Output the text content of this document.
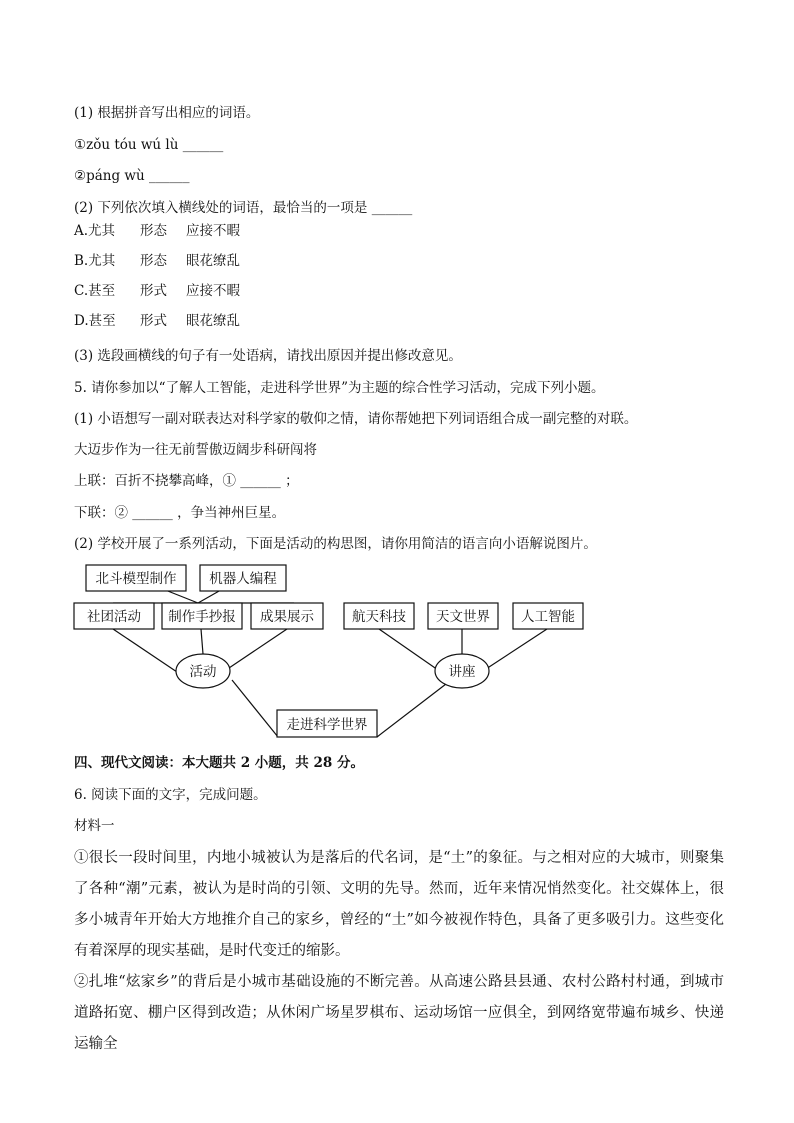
(1) 根据拼音写出相应的词语。
①zǒu tóu wú lù ______
②páng wù ______
(2) 下列依次填入横线处的词语，最恰当的一项是 ______
A.尤其 形态 应接不暇
B.尤其 形态 眼花缭乱
C.甚至 形式 应接不暇
D.甚至 形式 眼花缭乱
(3) 选段画横线的句子有一处语病，请找出原因并提出修改意见。
5. 请你参加以“了解人工智能，走进科学世界”为主题的综合性学习活动，完成下列小题。
(1) 小语想写一副对联表达对科学家的敬仰之情，请你帮她把下列词语组合成一副完整的对联。
大迈步作为一往无前誓傲迈阔步科研闯将
上联：百折不挠攀高峰，① ______ ；
下联：② ______ ，争当神州巨星。
(2) 学校开展了一系列活动，下面是活动的构思图，请你用简洁的语言向小语解说图片。
北斗模型制作 机器人编程
社团活动 制作手抄报 成果展示	航天科技 天文世界 人工智能
活动	讲座
走进科学世界
四、现代文阅读：本大题共 2 小题，共 28 分。
6. 阅读下面的文字，完成问题。
材料一
①很长一段时间里，内地小城被认为是落后的代名词，是“土”的象征。与之相对应的大城市，则聚集了各种“潮”元素，被认为是时尚的引领、文明的先导。然而，近年来情况悄然变化。社交媒体上，很多小城青年开始大方地推介自己的家乡，曾经的“土”如今被视作特色，具备了更多吸引力。这些变化有着深厚的现实基础，是时代变迁的缩影。
②扎堆“炫家乡”的背后是小城市基础设施的不断完善。从高速公路县县通、农村公路村村通，到城市道路拓宽、棚户区得到改造；从休闲广场星罗棋布、运动场馆一应俱全，到网络宽带遍布城乡、快递运输全
